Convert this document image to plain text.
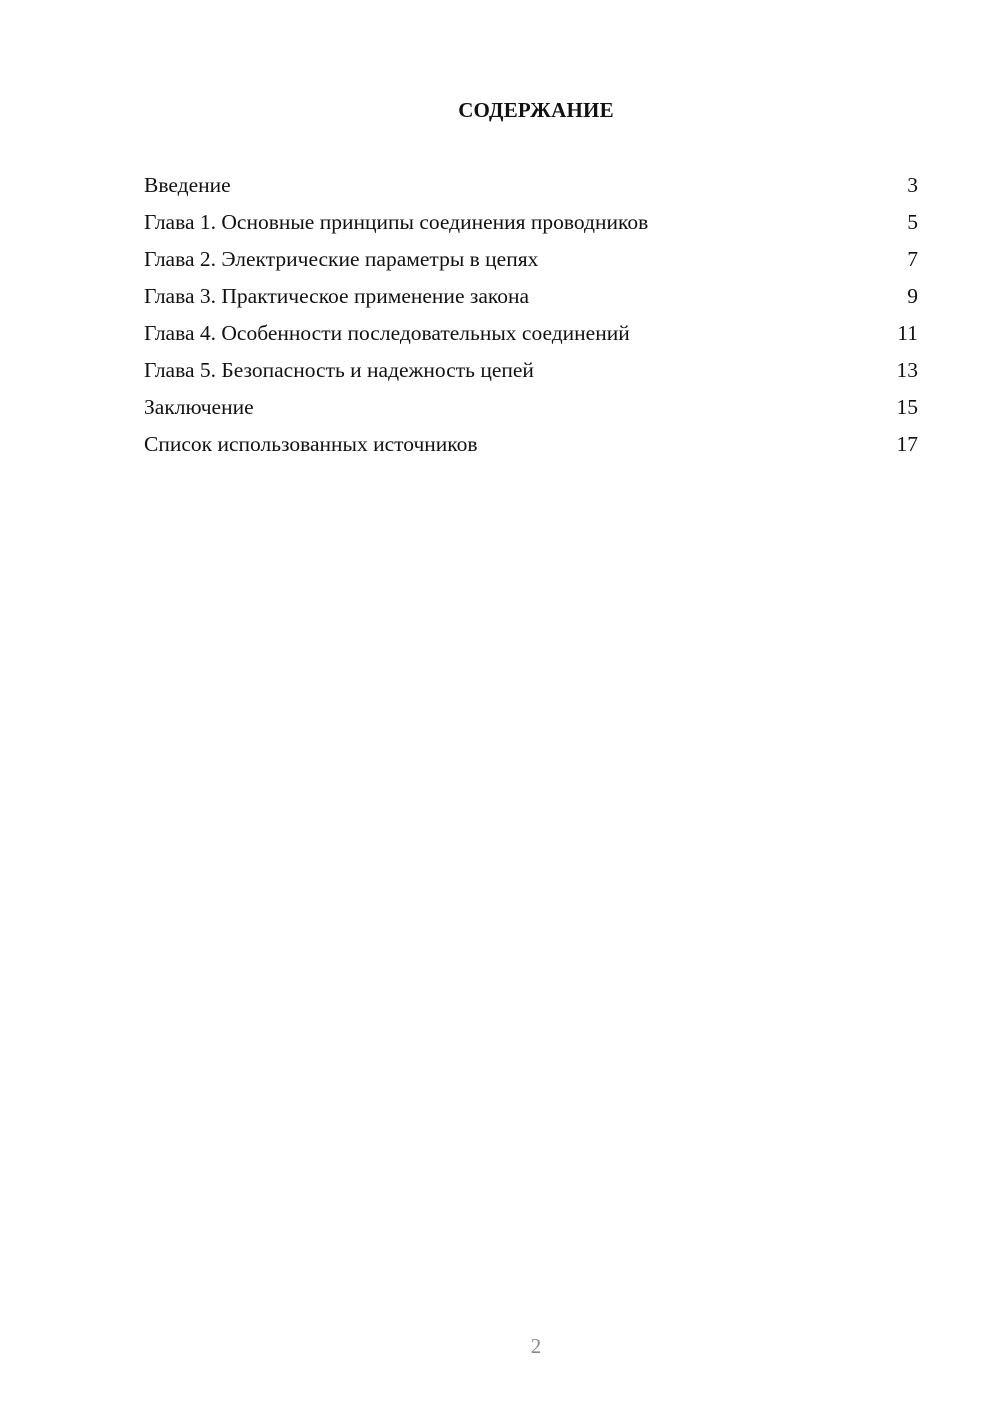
СОДЕРЖАНИЕ
Введение	3
Глава 1. Основные принципы соединения проводников	5
Глава 2. Электрические параметры в цепях	7
Глава 3. Практическое применение закона	9
Глава 4. Особенности последовательных соединений	11
Глава 5. Безопасность и надежность цепей	13
Заключение	15
Список использованных источников	17
2
